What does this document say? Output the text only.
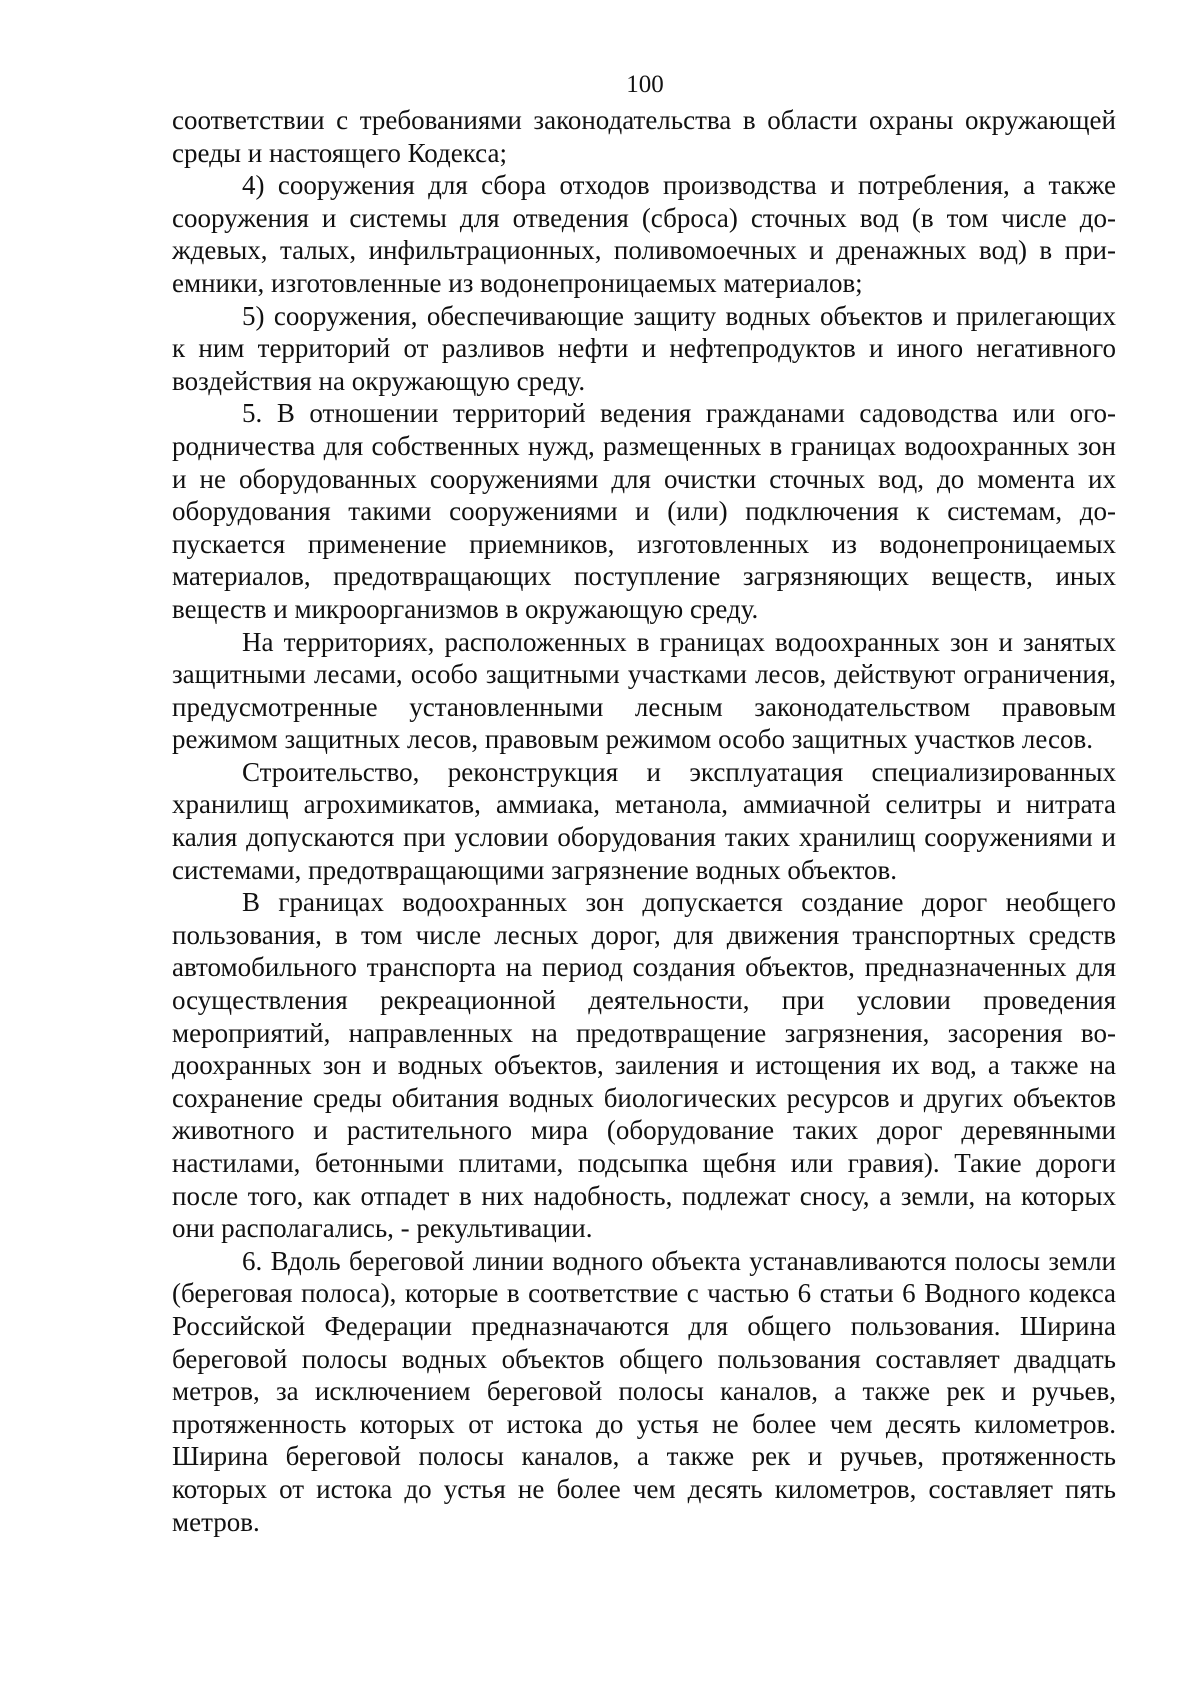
100

соответствии с требованиями законодательства в области охраны окружающей среды и настоящего Кодекса;

4) сооружения для сбора отходов производства и потребления, а также сооружения и системы для отведения (сброса) сточных вод (в том числе дождевых, талых, инфильтрационных, поливомоечных и дренажных вод) в приемники, изготовленные из водонепроницаемых материалов;

5) сооружения, обеспечивающие защиту водных объектов и прилегающих к ним территорий от разливов нефти и нефтепродуктов и иного негативного воздействия на окружающую среду.

5. В отношении территорий ведения гражданами садоводства или огородничества для собственных нужд, размещенных в границах водоохранных зон и не оборудованных сооружениями для очистки сточных вод, до момента их оборудования такими сооружениями и (или) подключения к системам, допускается применение приемников, изготовленных из водонепроницаемых материалов, предотвращающих поступление загрязняющих веществ, иных веществ и микроорганизмов в окружающую среду.

На территориях, расположенных в границах водоохранных зон и занятых защитными лесами, особо защитными участками лесов, действуют ограничения, предусмотренные установленными лесным законодательством правовым режимом защитных лесов, правовым режимом особо защитных участков лесов.

Строительство, реконструкция и эксплуатация специализированных хранилищ агрохимикатов, аммиака, метанола, аммиачной селитры и нитрата калия допускаются при условии оборудования таких хранилищ сооружениями и системами, предотвращающими загрязнение водных объектов.

В границах водоохранных зон допускается создание дорог необщего пользования, в том числе лесных дорог, для движения транспортных средств автомобильного транспорта на период создания объектов, предназначенных для осуществления рекреационной деятельности, при условии проведения мероприятий, направленных на предотвращение загрязнения, засорения водоохранных зон и водных объектов, заиления и истощения их вод, а также на сохранение среды обитания водных биологических ресурсов и других объектов животного и растительного мира (оборудование таких дорог деревянными настилами, бетонными плитами, подсыпка щебня или гравия). Такие дороги после того, как отпадет в них надобность, подлежат сносу, а земли, на которых они располагались, - рекультивации.

6. Вдоль береговой линии водного объекта устанавливаются полосы земли (береговая полоса), которые в соответствие с частью 6 статьи 6 Водного кодекса Российской Федерации предназначаются для общего пользования. Ширина береговой полосы водных объектов общего пользования составляет двадцать метров, за исключением береговой полосы каналов, а также рек и ручьев, протяженность которых от истока до устья не более чем десять километров. Ширина береговой полосы каналов, а также рек и ручьев, протяженность которых от истока до устья не более чем десять километров, составляет пять метров.
